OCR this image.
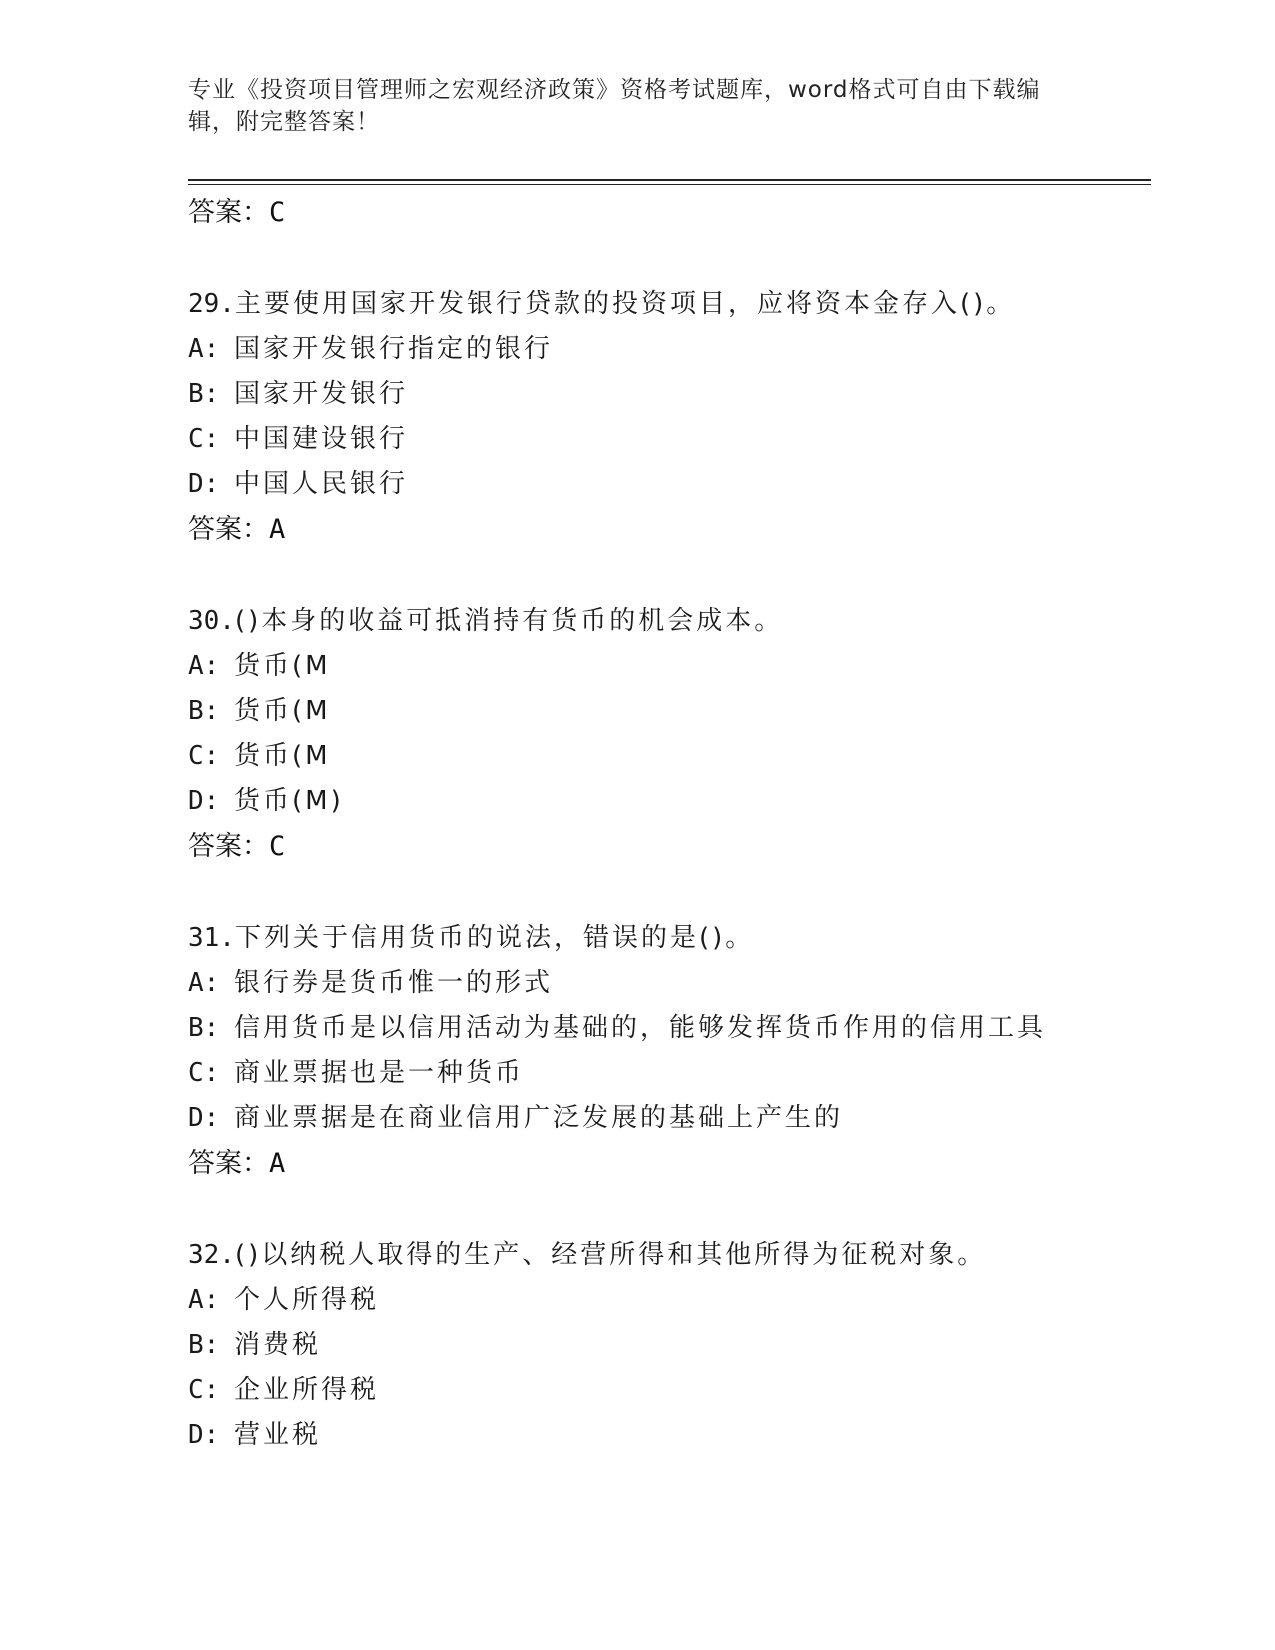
专业《投资项目管理师之宏观经济政策》资格考试题库，word格式可自由下载编
辑，附完整答案！
答案：C
29.主要使用国家开发银行贷款的投资项目，应将资本金存入()。
A: 国家开发银行指定的银行
B: 国家开发银行
C: 中国建设银行
D: 中国人民银行
答案：A
30.()本身的收益可抵消持有货币的机会成本。
A: 货币(M
B: 货币(M
C: 货币(M
D: 货币(M)
答案：C
31.下列关于信用货币的说法，错误的是()。
A: 银行券是货币惟一的形式
B: 信用货币是以信用活动为基础的，能够发挥货币作用的信用工具
C: 商业票据也是一种货币
D: 商业票据是在商业信用广泛发展的基础上产生的
答案：A
32.()以纳税人取得的生产、经营所得和其他所得为征税对象。
A: 个人所得税
B: 消费税
C: 企业所得税
D: 营业税
